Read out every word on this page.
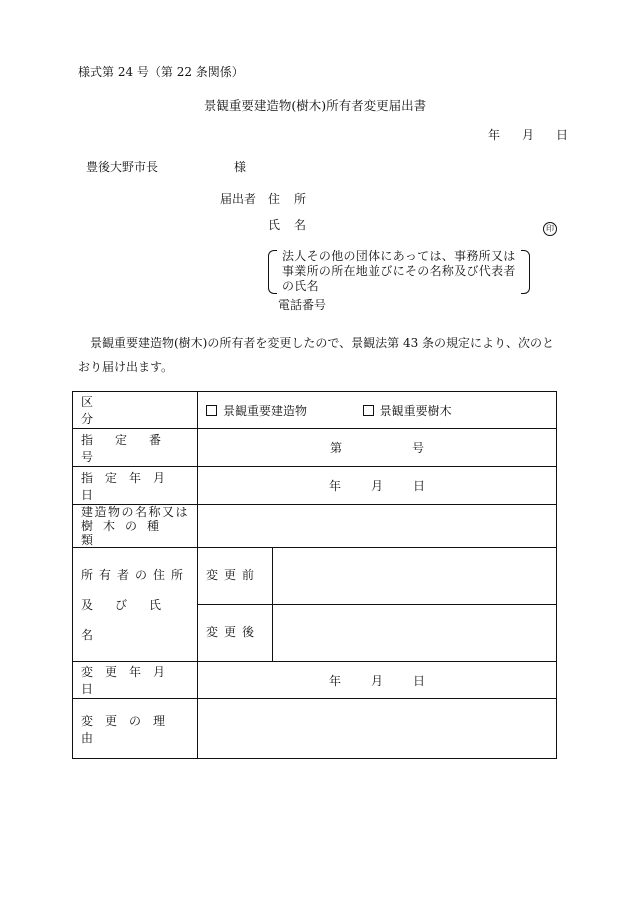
様式第 24 号（第 22 条関係）
景観重要建造物(樹木)所有者変更届出書
年 月 日
豊後大野市長	様
届出者 住所
氏名	印
法人その他の団体にあっては、事務所又は事業所の所在地並びにその名称及び代表者の氏名
電話番号
景観重要建造物(樹木)の所有者を変更したので、景観法第 43 条の規定により、次のとおり届け出ます。
区分	景観重要建造物 景観重要樹木	
指定番号	第 号	
指定年月日	年 月 日	

建造物の名称又は
樹木の種類		

所有者の住所
及び氏名	変更前	
	変更後	
変更年月日	年 月 日	
変更の理由		
